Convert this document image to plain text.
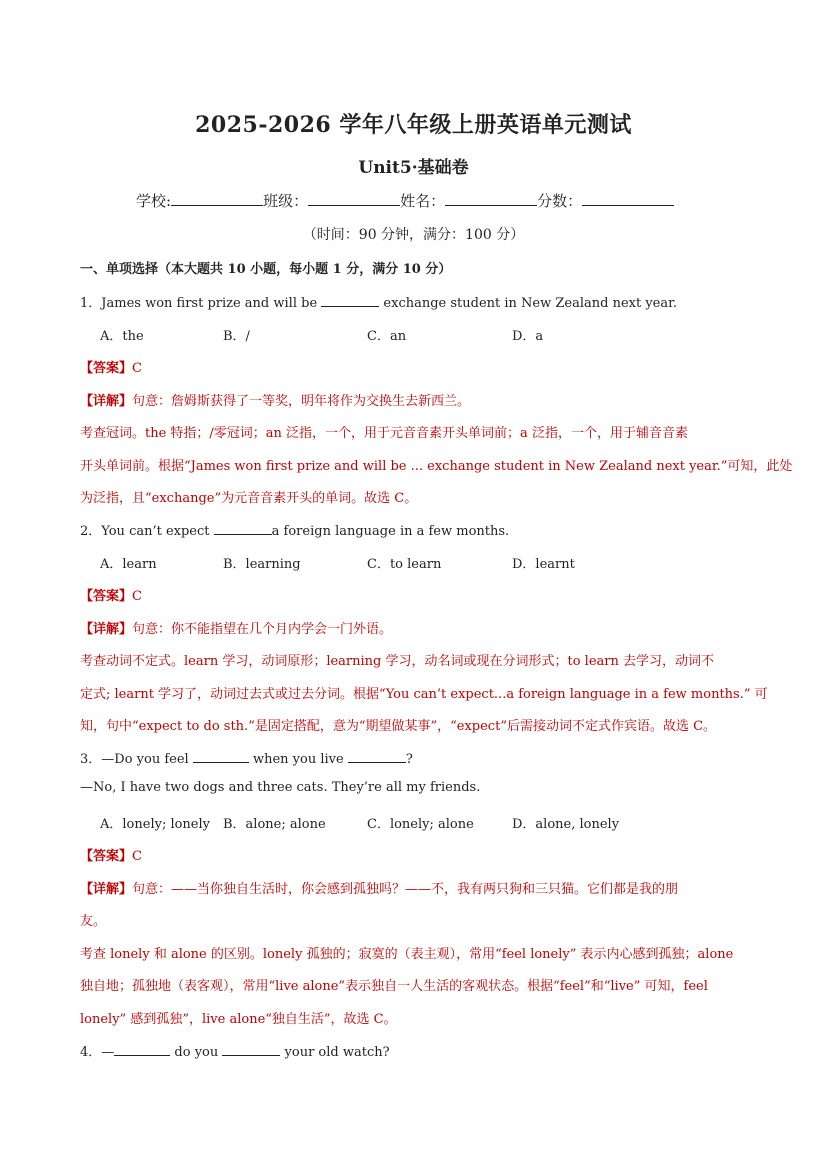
2025-2026 学年八年级上册英语单元测试
Unit5·基础卷
学校:	班级：	姓名：	分数：
（时间：90 分钟，满分：100 分）
一、单项选择（本大题共 10 小题，每小题 1 分，满分 10 分）
1．James won first prize and will be	exchange student in New Zealand next year.
A．the	B．/	C．an	D．a
【答案】C
【详解】句意：詹姆斯获得了一等奖，明年将作为交换生去新西兰。
考查冠词。the 特指；/零冠词；an 泛指，一个，用于元音音素开头单词前；a 泛指，一个，用于辅音音素
开头单词前。根据“James won first prize and will be ... exchange student in New Zealand next year.”可知，此处
为泛指，且“exchange”为元音音素开头的单词。故选 C。
2．You can’t expect	a foreign language in a few months.
A．learn	B．learning	C．to learn	D．learnt
【答案】C
【详解】句意：你不能指望在几个月内学会一门外语。
考查动词不定式。learn 学习，动词原形；learning 学习，动名词或现在分词形式；to learn 去学习，动词不
定式; learnt 学习了，动词过去式或过去分词。根据“You can’t expect...a foreign language in a few months.” 可
知，句中“expect to do sth.”是固定搭配，意为“期望做某事”，“expect”后需接动词不定式作宾语。故选 C。
3．—Do you feel	when you live	?
—No, I have two dogs and three cats. They’re all my friends.
A．lonely; lonely B．alone; alone	C．lonely; alone	D．alone, lonely
【答案】C
【详解】句意：——当你独自生活时，你会感到孤独吗？——不，我有两只狗和三只猫。它们都是我的朋
友。
考查 lonely 和 alone 的区别。lonely 孤独的；寂寞的（表主观），常用“feel lonely” 表示内心感到孤独；alone
独自地；孤独地（表客观），常用“live alone”表示独自一人生活的客观状态。根据“feel”和“live” 可知，feel
lonely” 感到孤独”，live alone“独自生活”，故选 C。
4．—	do you	your old watch?
